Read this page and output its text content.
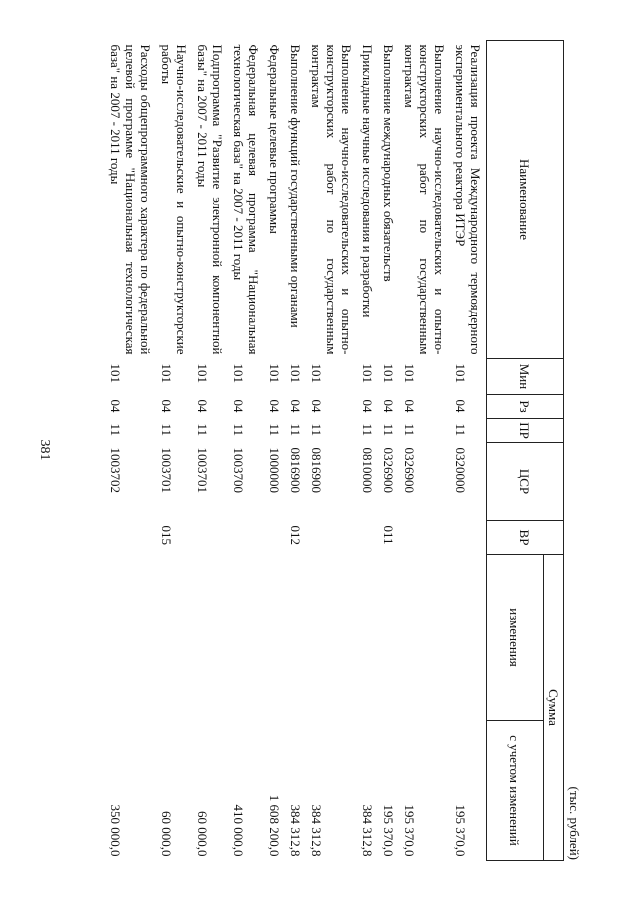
381
(тыс. рублей)
Наименование	Мин	Рз	ПР	ЦСР	ВР	Сумма	
						изменения	с учетом изменений
Реализация проекта Международного термоядерного экспериментального реактора ИТЭР	101	04	11	0320000			195 370,0
Выполнение научно-исследовательских и опытно-конструкторских работ по государственным контрактам	101	04	11	0326900			195 370,0
Выполнение международных обязательств	101	04	11	0326900	011		195 370,0
Прикладные научные исследования и разработки	101	04	11	0810000			384 312,8
Выполнение научно-исследовательских и опытно-конструкторских работ по государственным контрактам	101	04	11	0816900			384 312,8
Выполнение функций государственными органами	101	04	11	0816900	012		384 312,8
Федеральные целевые программы	101	04	11	1000000			1 608 200,0
Федеральная целевая программа "Национальная технологическая база" на 2007 - 2011 годы	101	04	11	1003700			410 000,0
Подпрограмма "Развитие электронной компонентной базы" на 2007 - 2011 годы	101	04	11	1003701			60 000,0
Научно-исследовательские и опытно-конструкторские работы	101	04	11	1003701	015		60 000,0
Расходы общепрограммного характера по федеральной целевой программе "Национальная технологическая база" на 2007 - 2011 годы	101	04	11	1003702			350 000,0
